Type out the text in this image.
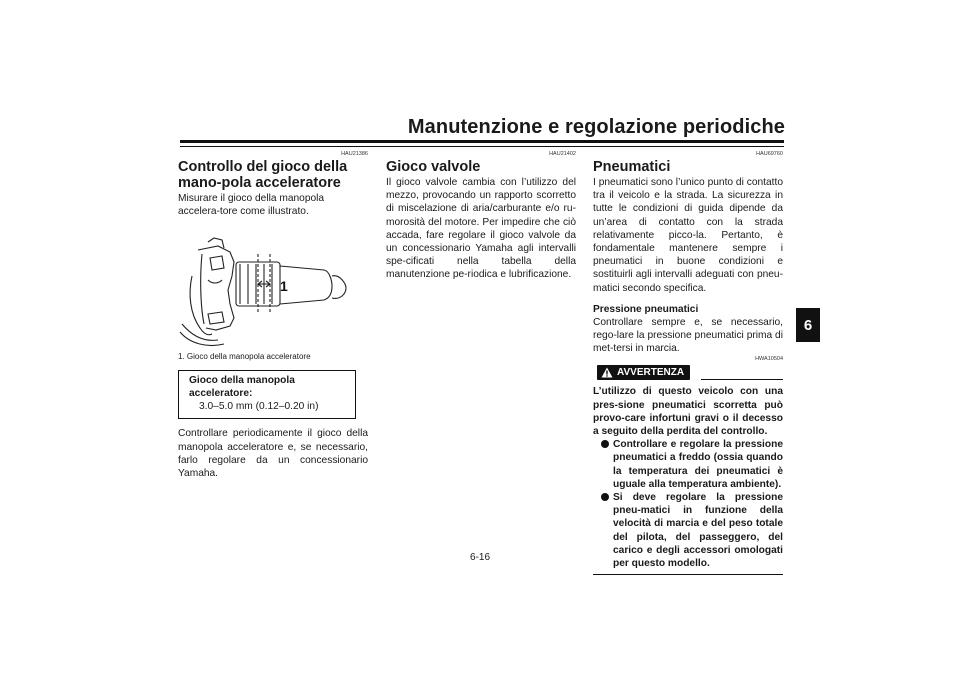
Manutenzione e regolazione periodiche
6
HAU21386
Controllo del gioco della mano-pola acceleratore

Misurare il gioco della manopola accelera-tore come illustrato.

1
1. Gioco della manopola acceleratore
Gioco della manopola acceleratore:
3.0–5.0 mm (0.12–0.20 in)

Controllare periodicamente il gioco della manopola acceleratore e, se necessario, farlo regolare da un concessionario Yamaha.

HAU21402
Gioco valvole

Il gioco valvole cambia con l’utilizzo del mezzo, provocando un rapporto scorretto di miscelazione di aria/carburante e/o ru-morosità del motore. Per impedire che ciò accada, fare regolare il gioco valvole da un concessionario Yamaha agli intervalli spe-cificati nella tabella della manutenzione pe-riodica e lubrificazione.

HAU69760
Pneumatici

I pneumatici sono l’unico punto di contatto tra il veicolo e la strada. La sicurezza in tutte le condizioni di guida dipende da un’area di contatto con la strada relativamente picco-la. Pertanto, è fondamentale mantenere sempre i pneumatici in buone condizioni e sostituirli agli intervalli adeguati con pneu-matici secondo specifica.

Pressione pneumatici

Controllare sempre e, se necessario, rego-lare la pressione pneumatici prima di met-tersi in marcia.

HWA10504
AVVERTENZA
L’utilizzo di questo veicolo con una pres-sione pneumatici scorretta può provo-care infortuni gravi o il decesso a seguito della perdita del controllo.
Controllare e regolare la pressione pneumatici a freddo (ossia quando la temperatura dei pneumatici è uguale alla temperatura ambiente).
Si deve regolare la pressione pneu-matici in funzione della velocità di marcia e del peso totale del pilota, del passeggero, del carico e degli accessori omologati per questo modello.
6-16
